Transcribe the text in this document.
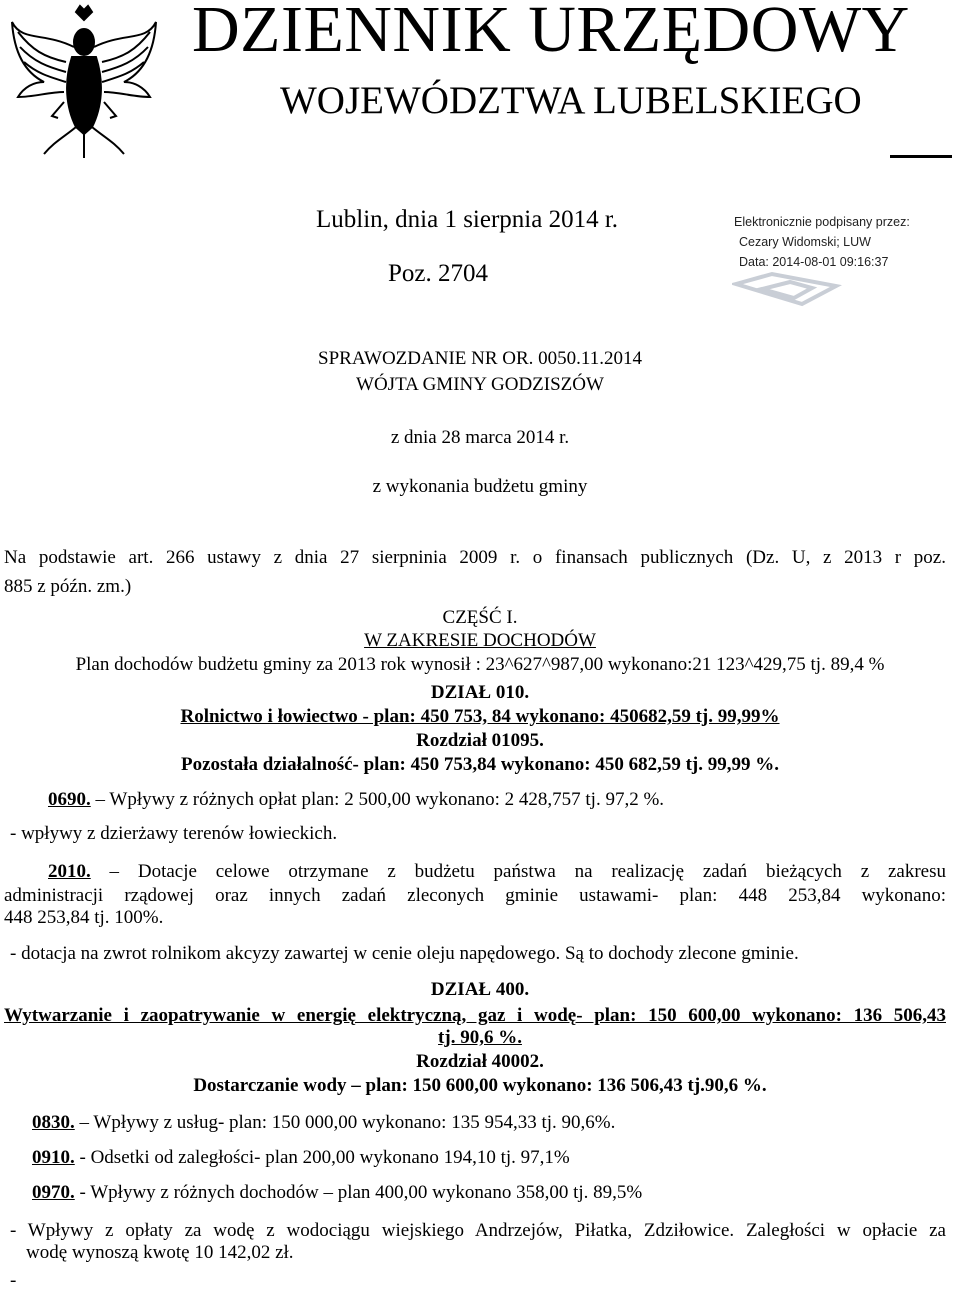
DZIENNIK URZĘDOWY
WOJEWÓDZTWA LUBELSKIEGO
Lublin, dnia 1 sierpnia 2014 r.
Poz. 2704
Elektronicznie podpisany przez:
Cezary Widomski; LUW
Data: 2014-08-01 09:16:37
SPRAWOZDANIE NR OR. 0050.11.2014
WÓJTA GMINY GODZISZÓW
z dnia 28 marca 2014 r.
z wykonania budżetu gminy
Na podstawie art. 266 ustawy z dnia 27 sierpninia 2009 r. o finansach publicznych (Dz. U, z 2013 r poz.
885 z późn. zm.)
CZĘŚĆ I.
W ZAKRESIE DOCHODÓW
Plan dochodów budżetu gminy za 2013 rok wynosił : 23^627^987,00 wykonano:21 123^429,75 tj. 89,4 %
DZIAŁ 010.
Rolnictwo i łowiectwo - plan: 450 753, 84 wykonano: 450682,59 tj. 99,99%
Rozdział 01095.
Pozostała działalność- plan: 450 753,84 wykonano: 450 682,59 tj. 99,99 %.
0690. – Wpływy z różnych opłat plan: 2 500,00 wykonano: 2 428,757 tj. 97,2 %.
- wpływy z dzierżawy terenów łowieckich.
2010. – Dotacje celowe otrzymane z budżetu państwa na realizację zadań bieżących z zakresu
administracji rządowej oraz innych zadań zleconych gminie ustawami- plan: 448 253,84 wykonano:
448 253,84 tj. 100%.
- dotacja na zwrot rolnikom akcyzy zawartej w cenie oleju napędowego. Są to dochody zlecone gminie.
DZIAŁ 400.
Wytwarzanie i zaopatrywanie w energię elektryczną, gaz i wodę- plan: 150 600,00 wykonano: 136 506,43
tj. 90,6 %.
Rozdział 40002.
Dostarczanie wody – plan: 150 600,00 wykonano: 136 506,43 tj.90,6 %.
0830. – Wpływy z usług- plan: 150 000,00 wykonano: 135 954,33 tj. 90,6%.
0910. - Odsetki od zaległości- plan 200,00 wykonano 194,10 tj. 97,1%
0970. - Wpływy z różnych dochodów – plan 400,00 wykonano 358,00 tj. 89,5%
- Wpływy z opłaty za wodę z wodociągu wiejskiego Andrzejów, Piłatka, Zdziłowice. Zaległości w opłacie za
wodę wynoszą kwotę 10 142,02 zł.
-
